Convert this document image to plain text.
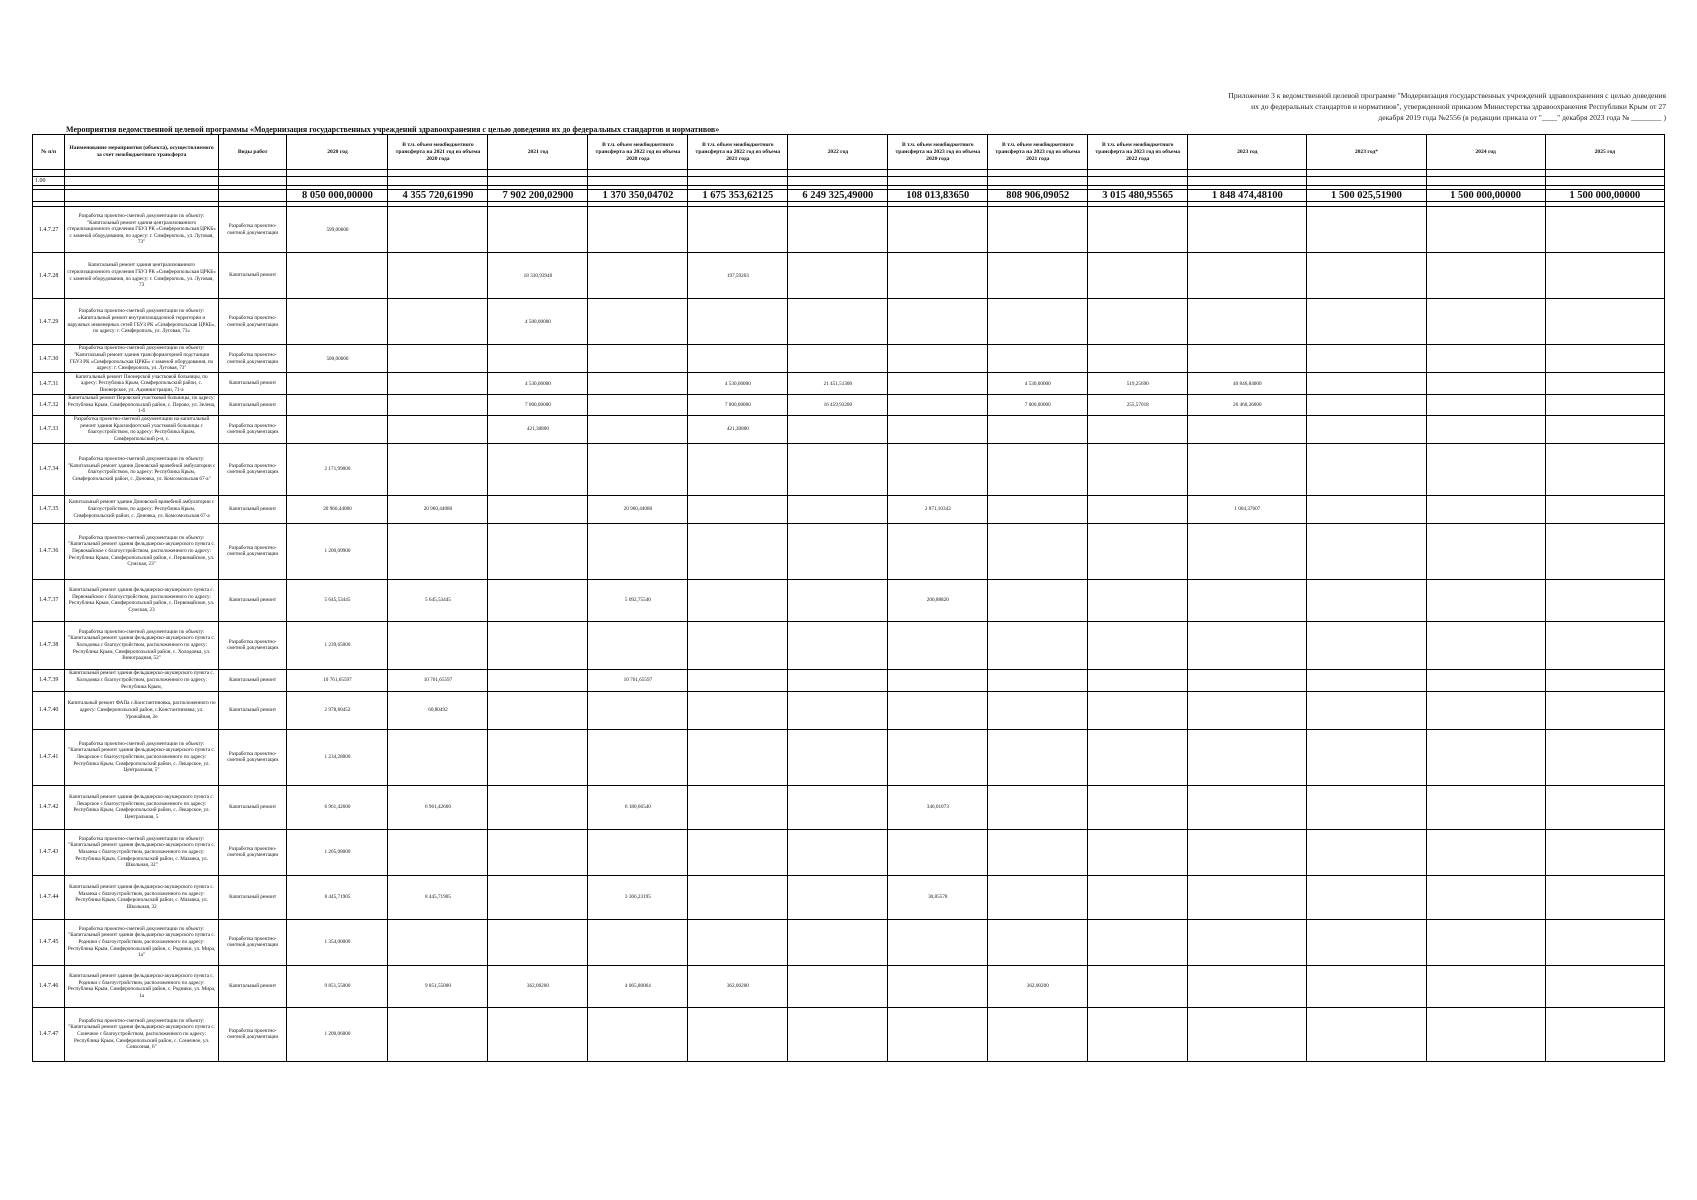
Приложение 3 к ведомственной целевой программе "Модернизация государственных учреждений здравоохранения с целью доведения
их до федеральных стандартов и нормативов", утвержденной приказом Министерства здравоохранения Республики Крым от 27
декабря 2019 года №2556 (в редакции приказа от "____" декабря 2023 года № ________ )
Мероприятия ведомственной целевой программы «Модернизация государственных учреждений здравоохранения с целью доведения их до федеральных стандартов и нормативов»
№ п/п	Наименование мероприятия (объекта), осуществляемого за счет межбюджетного трансферта	Виды работ	2020 год	В т.ч. объем межбюджетного трансферта на 2021 год из объема 2020 года	2021 год	В т.ч. объем межбюджетного трансферта на 2022 год из объема 2020 года	В т.ч. объем межбюджетного трансферта на 2022 год из объема 2021 года	2022 год	В т.ч. объем межбюджетного трансферта на 2023 год из объема 2020 года	В т.ч. объем межбюджетного трансферта на 2023 год из объема 2021 года	В т.ч. объем межбюджетного трансферта на 2023 год из объема 2022 года	2023 год	2023 год*	2024 год	2025 год

1.00															

			8 050 000,00000	4 355 720,61990	7 902 200,02900	1 370 350,04702	1 675 353,62125	6 249 325,49000	108 013,83650	808 906,09052	3 015 480,95565	1 848 474,48100	1 500 025,51900	1 500 000,00000	1 500 000,00000

1.4.7.27	Разработка проектно-сметной документации по объекту: "Капитальный ремонт здания централизованного стерилизационного отделения ГБУЗ РК «Симферопольская ЦРКБ» с заменой оборудования, по адресу: г. Симферополь, ул. Луговая, 73"	Разработка проектно-сметной документации	599,00000												
1.4.7.28	Капитальный ремонт здания централизованного стерилизационного отделения ГБУЗ РК «Симферопольская ЦРКБ» с заменой оборудования, по адресу: г. Симферополь, ул. Луговая, 73	Капитальный ремонт			18 330,93940		197,59203								
1.4.7.29	Разработка проектно-сметной документации по объекту: «Капитальный ремонт внутриплощадочной территории и наружных инженерных сетей ГБУЗ РК «Симферопольская ЦРКБ», по адресу: г. Симферополь, ул. Луговая, 73»	Разработка проектно-сметной документации			4 500,00000										
1.4.7.30	Разработка проектно-сметной документации по объекту: "Капитальный ремонт здания трансформаторной подстанции ГБУЗ РК «Симферопольская ЦРКБ» с заменой оборудования, по адресу: г. Симферополь, ул. Луговая, 73"	Разработка проектно-сметной документации	500,00000												
1.4.7.31	Капитальный ремонт Пионерской участковой больницы, по адресу: Республика Крым, Симферопольский район, с. Пионерское, ул. Администрации, 71-а	Капитальный ремонт			4 530,00000		4 530,00000	21 451,51300		4 530,00000	519,25690	40 846,84000			
1.4.7.32	Капитальный ремонт Перовской участковой больницы, по адресу: Республика Крым, Симферопольский район, с. Перово, ул. Зелена, 1-б	Капитальный ремонт			7 000,00000		7 000,00000	16 459,93200		7 000,00000	255,57018	26 460,36000			
1.4.7.33	Разработка проектно-сметной документации на капитальный ремонт здания Краснофлотской участковой больницы с благоустройством, по адресу: Республика Крым, Симферопольский р-н, с.	Разработка проектно-сметной документации			421,30800		421,30800								
1.4.7.34	Разработка проектно-сметной документации по объекту: "Капитальный ремонт здания Доновской врачебной амбулатории с благоустройством, по адресу: Республика Крым, Симферопольский район, с. Доновка, ул. Комсомольская 67-а"	Разработка проектно-сметной документации	2 171,99000												
1.4.7.35	Капитальный ремонт здания Доновской врачебной амбулатории с благоустройством, по адресу: Республика Крым, Симферопольский район, с. Доновка, ул. Комсомольская 67-а	Капитальный ремонт	20 960,44080	20 960,44080		20 960,44080			2 871,10343			1 004,37607			
1.4.7.36	Разработка проектно-сметной документации по объекту: "Капитальный ремонт здания фельдшерско-акушерского пункта с. Первомайское с благоустройством, расположенного по адресу: Республика Крым, Симферопольский район, с. Первомайское, ул. Сумская, 23"	Разработка проектно-сметной документации	1 200,09900												
1.4.7.37	Капитальный ремонт здания фельдшерско-акушерского пункта с. Первомайское с благоустройством, расположенного по адресу: Республика Крым, Симферопольский район, с. Первомайское, ул. Сумская, 23	Капитальный ремонт	5 645,53445	5 645,53445		5 092,75540			200,88820						
1.4.7.38	Разработка проектно-сметной документации по объекту: "Капитальный ремонт здания фельдшерско-акушерского пункта с. Холодовка с благоустройством, расположенного по адресу: Республика Крым, Симферопольский район, с. Холодовка, ул. Виноградная, 52"	Разработка проектно-сметной документации	1 239,65000												
1.4.7.39	Капитальный ремонт здания фельдшерско-акушерского пункта с. Холодовка с благоустройством, расположенного по адресу: Республика Крым,	Капитальный ремонт	10 761,65597	10 761,65597		10 761,65597									
1.4.7.40	Капитальный ремонт ФАПа с.Константиновка, расположенного по адресу: Симферопольский район, с.Константиновка, ул. Урожайная, 2е	Капитальный ремонт	2 978,80452	60,80492											
1.4.7.41	Разработка проектно-сметной документации по объекту: "Капитальный ремонт здания фельдшерско-акушерского пункта с. Лекарское с благоустройством, расположенного по адресу: Республика Крым, Симферопольский район, с. Лекарское, ул. Центральная, 5"	Разработка проектно-сметной документации	1 234,28000												
1.4.7.42	Капитальный ремонт здания фельдшерско-акушерского пункта с. Лекарское с благоустройством, расположенного по адресу: Республика Крым, Симферопольский район, с. Лекарское, ул. Центральная, 5	Капитальный ремонт	6 961,42600	6 961,42600		6 180,66540			346,01073						
1.4.7.43	Разработка проектно-сметной документации по объекту: "Капитальный ремонт здания фельдшерско-акушерского пункта с. Мазанка с благоустройством, расположенного по адресу: Республика Крым, Симферопольский район, с. Мазанка, ул. Школьная, 32"	Разработка проектно-сметной документации	1 205,08000												
1.4.7.44	Капитальный ремонт здания фельдшерско-акушерского пункта с. Мазанка с благоустройством, расположенного по адресу: Республика Крым, Симферопольский район, с. Мазанка, ул. Школьная, 32	Капитальный ремонт	8 445,71905	8 445,71905		3 366,23195			30,85578						
1.4.7.45	Разработка проектно-сметной документации по объекту: "Капитальный ремонт здания фельдшерско-акушерского пункта с. Родники с благоустройством, расположенного по адресу: Республика Крым, Симферопольский район, с. Родники, ул. Мира, 1а"	Разработка проектно-сметной документации	1 354,00000												
1.4.7.46	Капитальный ремонт здания фельдшерско-акушерского пункта с. Родники с благоустройством, расположенного по адресу: Республика Крым, Симферопольский район, с. Родники, ул. Мира, 1а	Капитальный ремонт	9 851,55000	9 851,55000	362,00200	4 065,80064	362,00200			362,00200					
1.4.7.47	Разработка проектно-сметной документации по объекту: "Капитальный ремонт здания фельдшерско-акушерского пункта с. Сонечное с благоустройством, расположенного по адресу: Республика Крым, Симферопольский район, с. Сонечное, ул. Совхозная, 6"	Разработка проектно-сметной документации	1 200,06000												
